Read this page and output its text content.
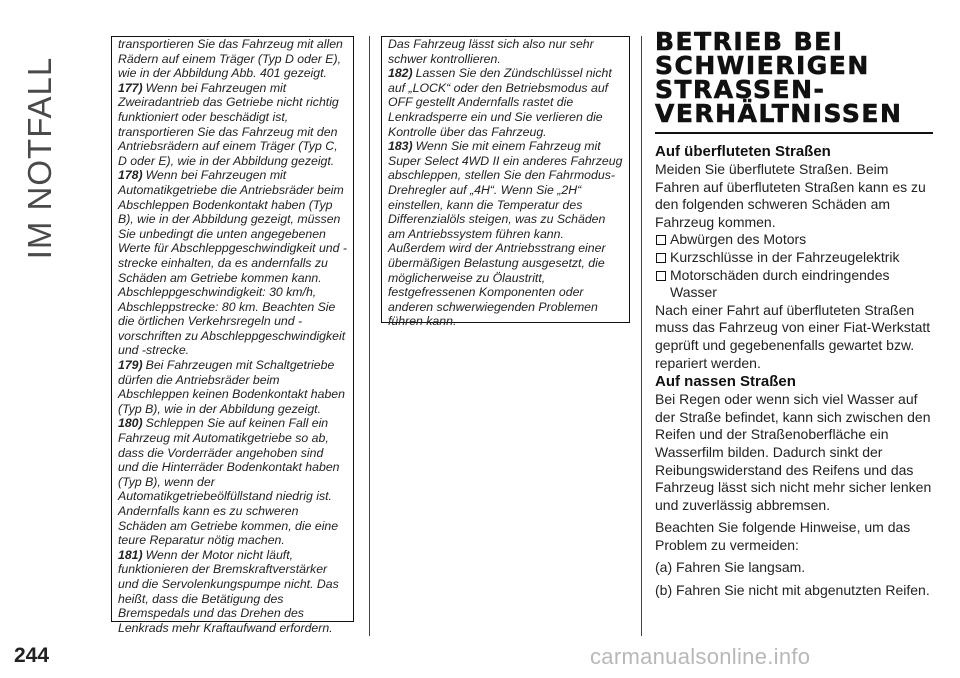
IM NOTFALL

transportieren Sie das Fahrzeug mit allen Rädern auf einem Träger (Typ D oder E), wie in der Abbildung Abb. 401 gezeigt.

177) Wenn bei Fahrzeugen mit Zweiradantrieb das Getriebe nicht richtig funktioniert oder beschädigt ist, transportieren Sie das Fahrzeug mit den Antriebsrädern auf einem Träger (Typ C, D oder E), wie in der Abbildung gezeigt.

178) Wenn bei Fahrzeugen mit Automatikgetriebe die Antriebsräder beim Abschleppen Bodenkontakt haben (Typ B), wie in der Abbildung gezeigt, müssen Sie unbedingt die unten angegebenen Werte für Abschleppgeschwindigkeit und -strecke einhalten, da es andernfalls zu Schäden am Getriebe kommen kann. Abschleppgeschwindigkeit: 30 km/h, Abschleppstrecke: 80 km. Beachten Sie die örtlichen Verkehrsregeln und -vorschriften zu Abschleppgeschwindigkeit und -strecke.

179) Bei Fahrzeugen mit Schaltgetriebe dürfen die Antriebsräder beim Abschleppen keinen Bodenkontakt haben (Typ B), wie in der Abbildung gezeigt.

180) Schleppen Sie auf keinen Fall ein Fahrzeug mit Automatikgetriebe so ab, dass die Vorderräder angehoben sind und die Hinterräder Bodenkontakt haben (Typ B), wenn der Automatikgetriebeölfüllstand niedrig ist. Andernfalls kann es zu schweren Schäden am Getriebe kommen, die eine teure Reparatur nötig machen.

181) Wenn der Motor nicht läuft, funktionieren der Bremskraftverstärker und die Servolenkungspumpe nicht. Das heißt, dass die Betätigung des Bremspedals und das Drehen des Lenkrads mehr Kraftaufwand erfordern.

Das Fahrzeug lässt sich also nur sehr schwer kontrollieren.

182) Lassen Sie den Zündschlüssel nicht auf „LOCK“ oder den Betriebsmodus auf OFF gestellt Andernfalls rastet die Lenkradsperre ein und Sie verlieren die Kontrolle über das Fahrzeug.

183) Wenn Sie mit einem Fahrzeug mit Super Select 4WD II ein anderes Fahrzeug abschleppen, stellen Sie den Fahrmodus-Drehregler auf „4H“. Wenn Sie „2H“ einstellen, kann die Temperatur des Differenzialöls steigen, was zu Schäden am Antriebssystem führen kann. Außerdem wird der Antriebsstrang einer übermäßigen Belastung ausgesetzt, die möglicherweise zu Ölaustritt, festgefressenen Komponenten oder anderen schwerwiegenden Problemen führen kann.

BETRIEB BEI
SCHWIERIGEN
STRASSEN-
VERHÄLTNISSEN
Auf überfluteten Straßen

Meiden Sie überflutete Straßen. Beim Fahren auf überfluteten Straßen kann es zu den folgenden schweren Schäden am Fahrzeug kommen.

Abwürgen des Motors
Kurzschlüsse in der Fahrzeugelektrik
Motorschäden durch eindringendes Wasser

Nach einer Fahrt auf überfluteten Straßen muss das Fahrzeug von einer Fiat-Werkstatt geprüft und gegebenenfalls gewartet bzw. repariert werden.

Auf nassen Straßen

Bei Regen oder wenn sich viel Wasser auf der Straße befindet, kann sich zwischen den Reifen und der Straßenoberfläche ein Wasserfilm bilden. Dadurch sinkt der Reibungswiderstand des Reifens und das Fahrzeug lässt sich nicht mehr sicher lenken und zuverlässig abbremsen.

Beachten Sie folgende Hinweise, um das Problem zu vermeiden:

(a) Fahren Sie langsam.

(b) Fahren Sie nicht mit abgenutzten Reifen.

244	carmanualsonline.info
